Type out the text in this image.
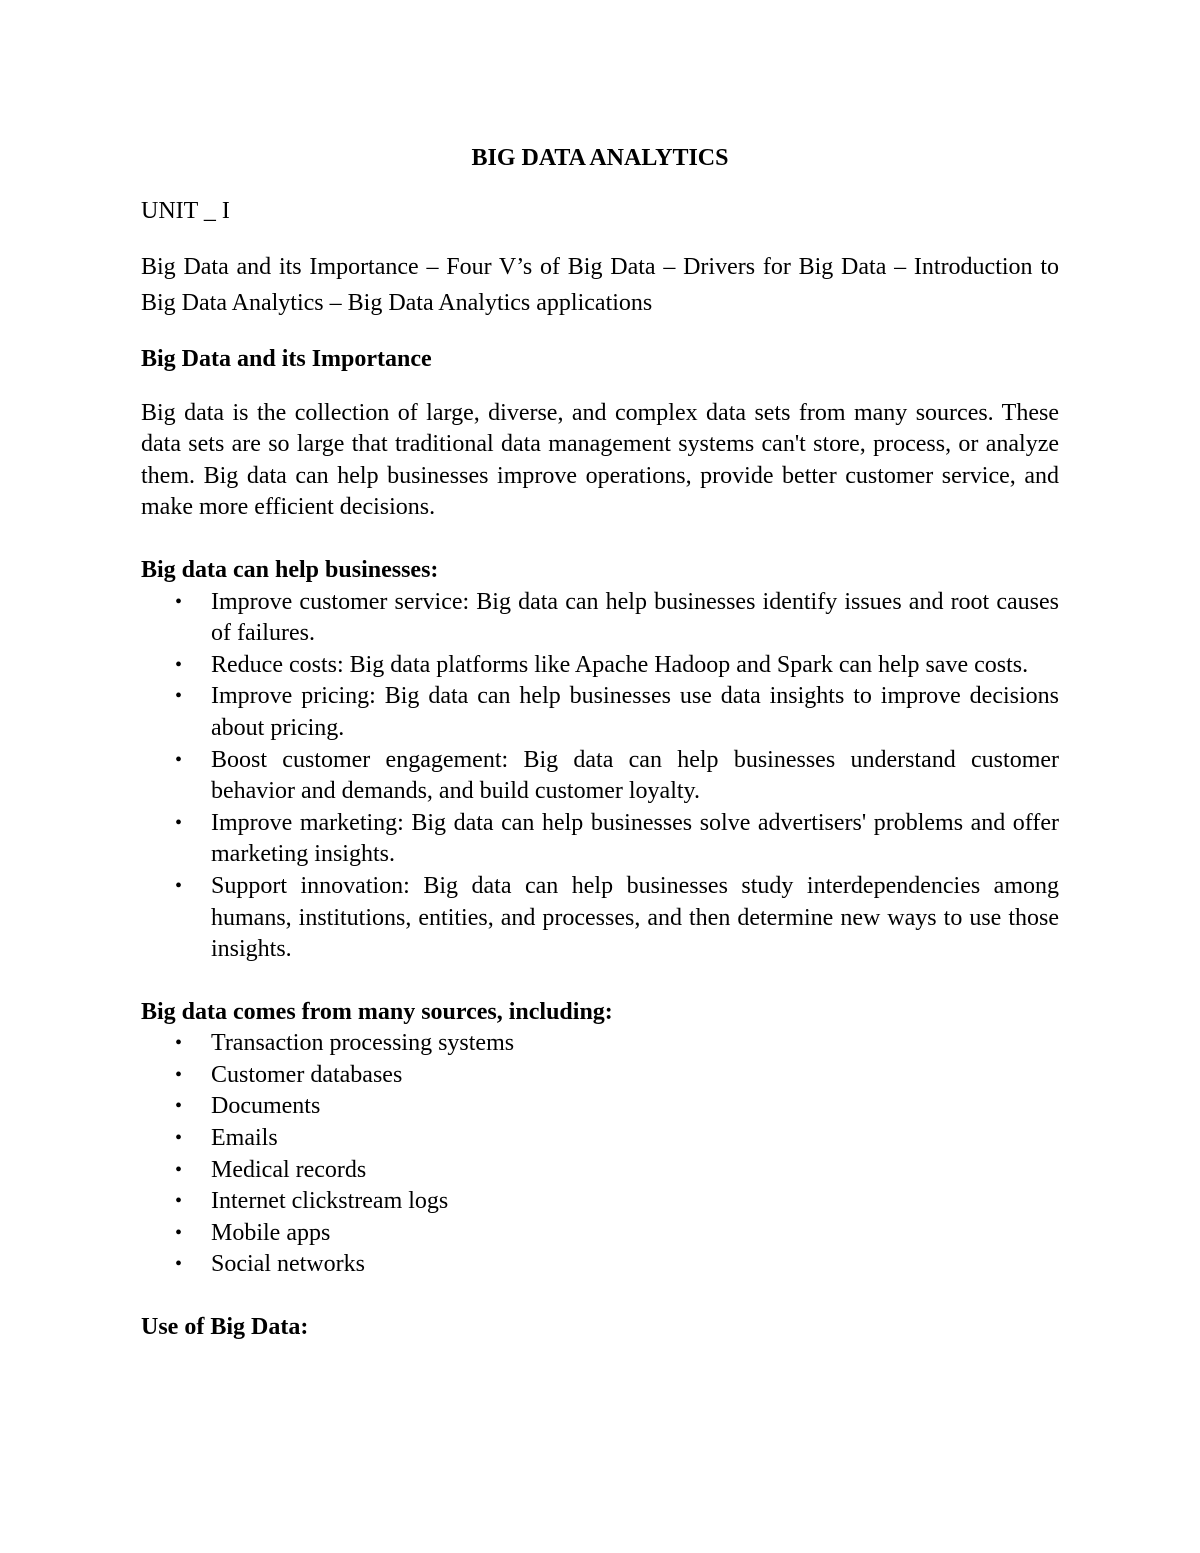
BIG DATA ANALYTICS

UNIT _ I

Big Data and its Importance – Four V’s of Big Data – Drivers for Big Data – Introduction to Big Data Analytics – Big Data Analytics applications

Big Data and its Importance

Big data is the collection of large, diverse, and complex data sets from many sources. These data sets are so large that traditional data management systems can't store, process, or analyze them. Big data can help businesses improve operations, provide better customer service, and make more efficient decisions.

Big data can help businesses:
• Improve customer service: Big data can help businesses identify issues and root causes of failures.
• Reduce costs: Big data platforms like Apache Hadoop and Spark can help save costs.
• Improve pricing: Big data can help businesses use data insights to improve decisions about pricing.
• Boost customer engagement: Big data can help businesses understand customer behavior and demands, and build customer loyalty.
• Improve marketing: Big data can help businesses solve advertisers' problems and offer marketing insights.
• Support innovation: Big data can help businesses study interdependencies among humans, institutions, entities, and processes, and then determine new ways to use those insights.
Big data comes from many sources, including:
• Transaction processing systems
• Customer databases
• Documents
• Emails
• Medical records
• Internet clickstream logs
• Mobile apps
• Social networks
Use of Big Data:
